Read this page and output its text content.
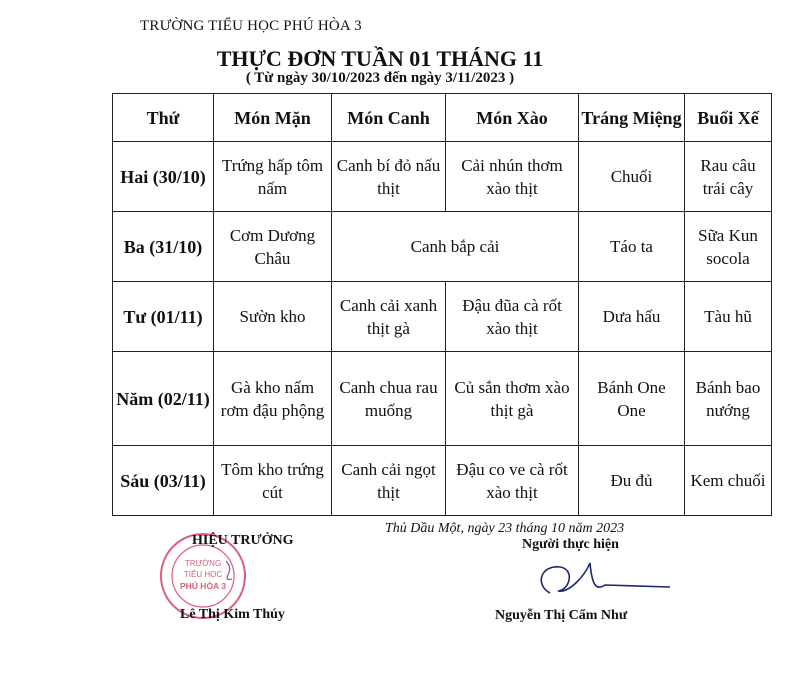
TRƯỜNG TIỂU HỌC PHÚ HÒA 3
THỰC ĐƠN TUẦN 01 THÁNG 11
( Từ ngày 30/10/2023 đến ngày 3/11/2023 )
Thứ	Món Mặn	Món Canh	Món Xào	Tráng Miệng	Buổi Xế
Hai (30/10)	Trứng hấp tôm nấm	Canh bí đỏ nấu thịt	Cải nhún thơm xào thịt	Chuối	Rau câu trái cây
Ba (31/10)	Cơm Dương Châu	Canh bắp cải		Táo ta	Sữa Kun socola
Tư (01/11)	Sườn kho	Canh cải xanh thịt gà	Đậu đũa cà rốt xào thịt	Dưa hấu	Tàu hũ
Năm (02/11)	Gà kho nấm rơm đậu phộng	Canh chua rau muống	Củ sắn thơm xào thịt gà	Bánh One One	Bánh bao nướng
Sáu (03/11)	Tôm kho trứng cút	Canh cải ngọt thịt	Đậu co ve cà rốt xào thịt	Đu đủ	Kem chuối
Thủ Dầu Một, ngày 23 tháng 10 năm 2023
TRƯỜNG
TIỂU HỌC
PHÚ HÒA 3
HIỆU TRƯỞNG	Người thực hiện
Lê Thị Kim Thúy	Nguyễn Thị Cẩm Như
